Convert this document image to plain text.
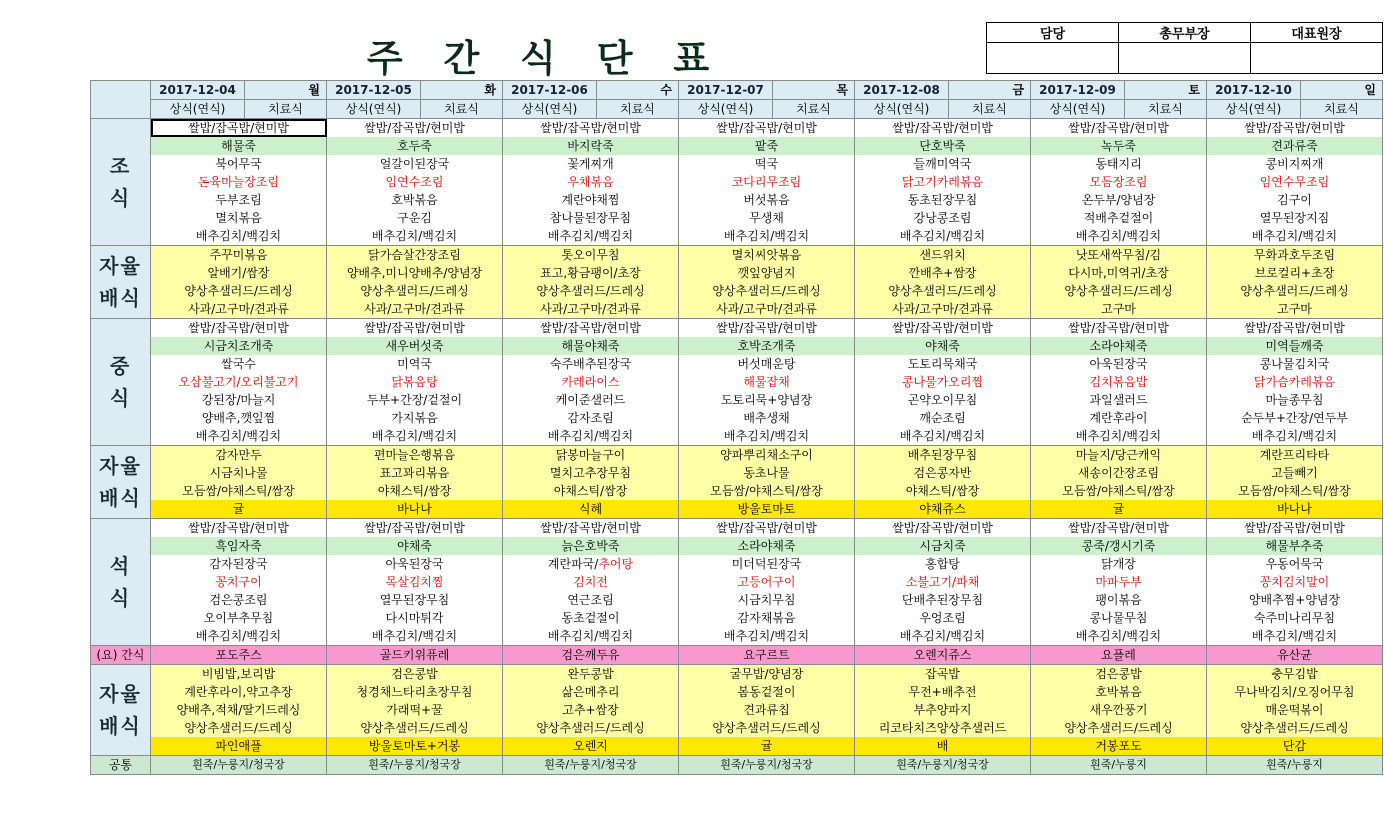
주 간 식 단 표
담당	총무부장	대표원장

	2017-12-04	월	2017-12-05	화	2017-12-06	수	2017-12-07	목	2017-12-08	금	2017-12-09	토	2017-12-10	일
	상식(연식)	치료식	상식(연식)	치료식	상식(연식)	치료식	상식(연식)	치료식	상식(연식)	치료식	상식(연식)	치료식	상식(연식)	치료식
조
식	쌀밥/잡곡밥/현미밥		쌀밥/잡곡밥/현미밥		쌀밥/잡곡밥/현미밥		쌀밥/잡곡밥/현미밥		쌀밥/잡곡밥/현미밥		쌀밥/잡곡밥/현미밥		쌀밥/잡곡밥/현미밥	
	해물죽		호두죽		바지락죽		팥죽		단호박죽		녹두죽		견과류죽	
	북어무국		얼갈이된장국		꽃게찌개		떡국		들깨미역국		동태지리		콩비지찌개	
	돈육마늘장조림		임연수조림		우채볶음		코다리무조림		닭고기카레볶음		모듬장조림		임연수무조림	
	두부조림		호박볶음		계란야채찜		버섯볶음		동초된장무침		온두부/양념장		김구이	
	멸치볶음		구운김		참나물된장무침		무생채		강낭콩조림		적배추겉절이		열무된장지짐	
	배추김치/백김치		배추김치/백김치		배추김치/백김치		배추김치/백김치		배추김치/백김치		배추김치/백김치		배추김치/백김치	
자율
배식	주꾸미볶음		닭가슴살간장조림		톳오이무침		멸치씨앗볶음		샌드위치		낫또새싹무침/김		무화과호두조림	
	알배기/쌈장		양배추,미니양배추/양념장		표고,황금팽이/초장		깻잎양념지		깐배추+쌈장		다시마,미역귀/초장		브로컬리+초장	
	양상추샐러드/드레싱		양상추샐러드/드레싱		양상추샐러드/드레싱		양상추샐러드/드레싱		양상추샐러드/드레싱		양상추샐러드/드레싱		양상추샐러드/드레싱	
	사과/고구마/견과류		사과/고구마/견과류		사과/고구마/견과류		사과/고구마/견과류		사과/고구마/견과류		고구마		고구마	
중
식	쌀밥/잡곡밥/현미밥		쌀밥/잡곡밥/현미밥		쌀밥/잡곡밥/현미밥		쌀밥/잡곡밥/현미밥		쌀밥/잡곡밥/현미밥		쌀밥/잡곡밥/현미밥		쌀밥/잡곡밥/현미밥	
	시금치조개죽		새우버섯죽		해물야채죽		호박조개죽		야채죽		소라야채죽		미역들깨죽	
	쌀국수		미역국		숙주배추된장국		버섯매운탕		도토리묵채국		아욱된장국		콩나물김치국	
	오삼불고기/오리불고기		닭볶음탕		카레라이스		해물잡채		콩나물가오리찜		김치볶음밥		닭가슴카레볶음	
	강된장/마늘지		두부+간장/겉절이		케이준샐러드		도토리묵+양념장		곤약오이무침		과일샐러드		마늘종무침	
	양배추,깻잎찜		가지볶음		감자조림		배추생채		깨순조림		계란후라이		순두부+간장/연두부	
	배추김치/백김치		배추김치/백김치		배추김치/백김치		배추김치/백김치		배추김치/백김치		배추김치/백김치		배추김치/백김치	
자율
배식	감자만두		편마늘은행볶음		닭봉마늘구이		양파뿌리채소구이		배추된장무침		마늘지/당근캐익		계란프리타타	
	시금치나물		표고꽈리볶음		멸치고추장무침		동초나물		검은콩자반		새송이간장조림		고들빼기	
	모듬쌈/야채스틱/쌈장		야채스틱/쌈장		야채스틱/쌈장		모듬쌈/야채스틱/쌈장		야채스틱/쌈장		모듬쌈/야채스틱/쌈장		모듬쌈/야채스틱/쌈장	
	귤		바나나		식혜		방울토마토		야채쥬스		귤		바나나	
석
식	쌀밥/잡곡밥/현미밥		쌀밥/잡곡밥/현미밥		쌀밥/잡곡밥/현미밥		쌀밥/잡곡밥/현미밥		쌀밥/잡곡밥/현미밥		쌀밥/잡곡밥/현미밥		쌀밥/잡곡밥/현미밥	
	흑임자죽		야채죽		늙은호박죽		소라야채죽		시금치죽		콩죽/갱시기죽		해물부추죽	
	감자된장국		아욱된장국		계란파국/추어탕		미더덕된장국		홍합탕		닭개장		우동어묵국	
	꽁치구이		목살김치찜		김치전		고등어구이		소불고기/파채		마파두부		꽁치김치말이	
	검은콩조림		열무된장무침		연근조림		시금치무침		단배추된장무침		팽이볶음		양배추찜+양념장	
	오이부추무침		다시마튀각		동초겉절이		감자채볶음		우엉조림		콩나물무침		숙주미나리무침	
	배추김치/백김치		배추김치/백김치		배추김치/백김치		배추김치/백김치		배추김치/백김치		배추김치/백김치		배추김치/백김치	
(요) 간식	포도주스		골드키위퓨레		검은깨두유		요구르트		오렌지쥬스		요플레		유산균	
자율
배식	비빔밥,보리밥		검은콩밥		완두콩밥		굴무밥/양념장		잡곡밥		검은콩밥		충무김밥	
	계란후라이,약고추장		청경채느타리초장무침		삶은메추리		봄동겉절이		무전+배추전		호박볶음		무나박김치/오징어무침	
	양배추,적채/딸기드레싱		가래떡+꿀		고추+쌈장		견과류칩		부추양파지		새우깐풍기		매운떡볶이	
	양상추샐러드/드레싱		양상추샐러드/드레싱		양상추샐러드/드레싱		양상추샐러드/드레싱		리코타치즈양상추샐러드		양상추샐러드/드레싱		양상추샐러드/드레싱	
	파인애플		방울토마토+거봉		오렌지		귤		배		거봉포도		단감	
공통	흰죽/누룽지/청국장		흰죽/누룽지/청국장		흰죽/누룽지/청국장		흰죽/누룽지/청국장		흰죽/누룽지/청국장		흰죽/누룽지		흰죽/누룽지	
